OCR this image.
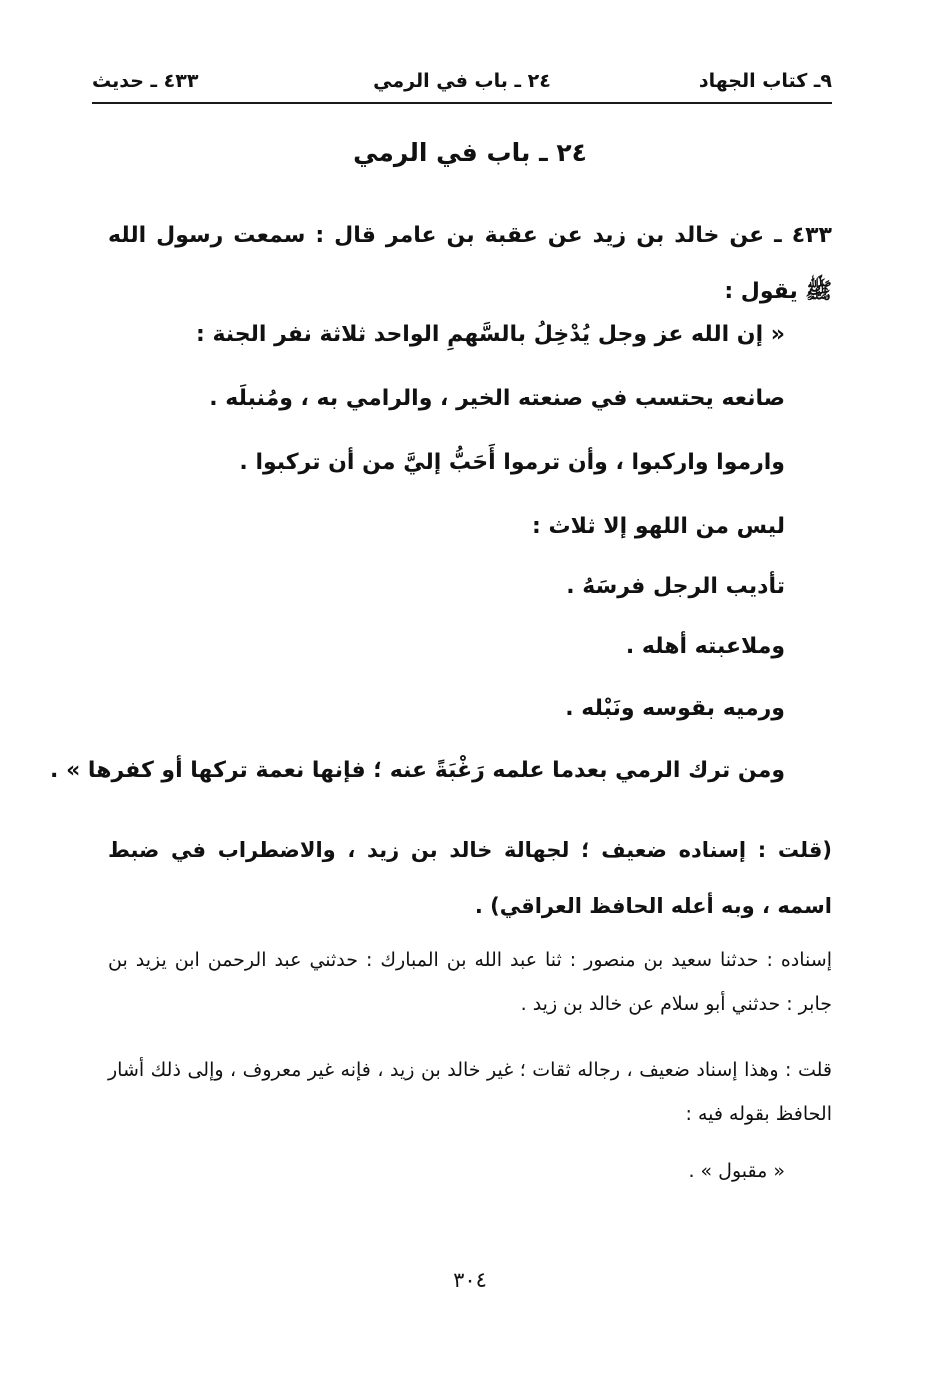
٩ـ كتاب الجهاد
٢٤ ـ باب في الرمي
٤٣٣ ـ حديث
٢٤ ـ باب في الرمي
٤٣٣ ـ عن خالد بن زيد عن عقبة بن عامر قال : سمعت رسول الله ﷺ يقول :
« إن الله عز وجل يُدْخِلُ بالسَّهمِ الواحد ثلاثة نفر الجنة :
صانعه يحتسب في صنعته الخير ، والرامي به ، ومُنبلَه .
وارموا واركبوا ، وأن ترموا أَحَبُّ إليَّ من أن تركبوا .
ليس من اللهو إلا ثلاث :
تأديب الرجل فرسَهُ .
وملاعبته أهله .
ورميه بقوسه ونَبْله .
ومن ترك الرمي بعدما علمه رَغْبَةً عنه ؛ فإنها نعمة تركها أو كفرها » .
(قلت : إسناده ضعيف ؛ لجهالة خالد بن زيد ، والاضطراب في ضبط اسمه ، وبه أعله الحافظ العراقي) .
إسناده : حدثنا سعيد بن منصور : ثنا عبد الله بن المبارك : حدثني عبد الرحمن ابن يزيد بن جابر : حدثني أبو سلام عن خالد بن زيد .
قلت : وهذا إسناد ضعيف ، رجاله ثقات ؛ غير خالد بن زيد ، فإنه غير معروف ، وإلى ذلك أشار الحافظ بقوله فيه :
« مقبول » .
٣٠٤
